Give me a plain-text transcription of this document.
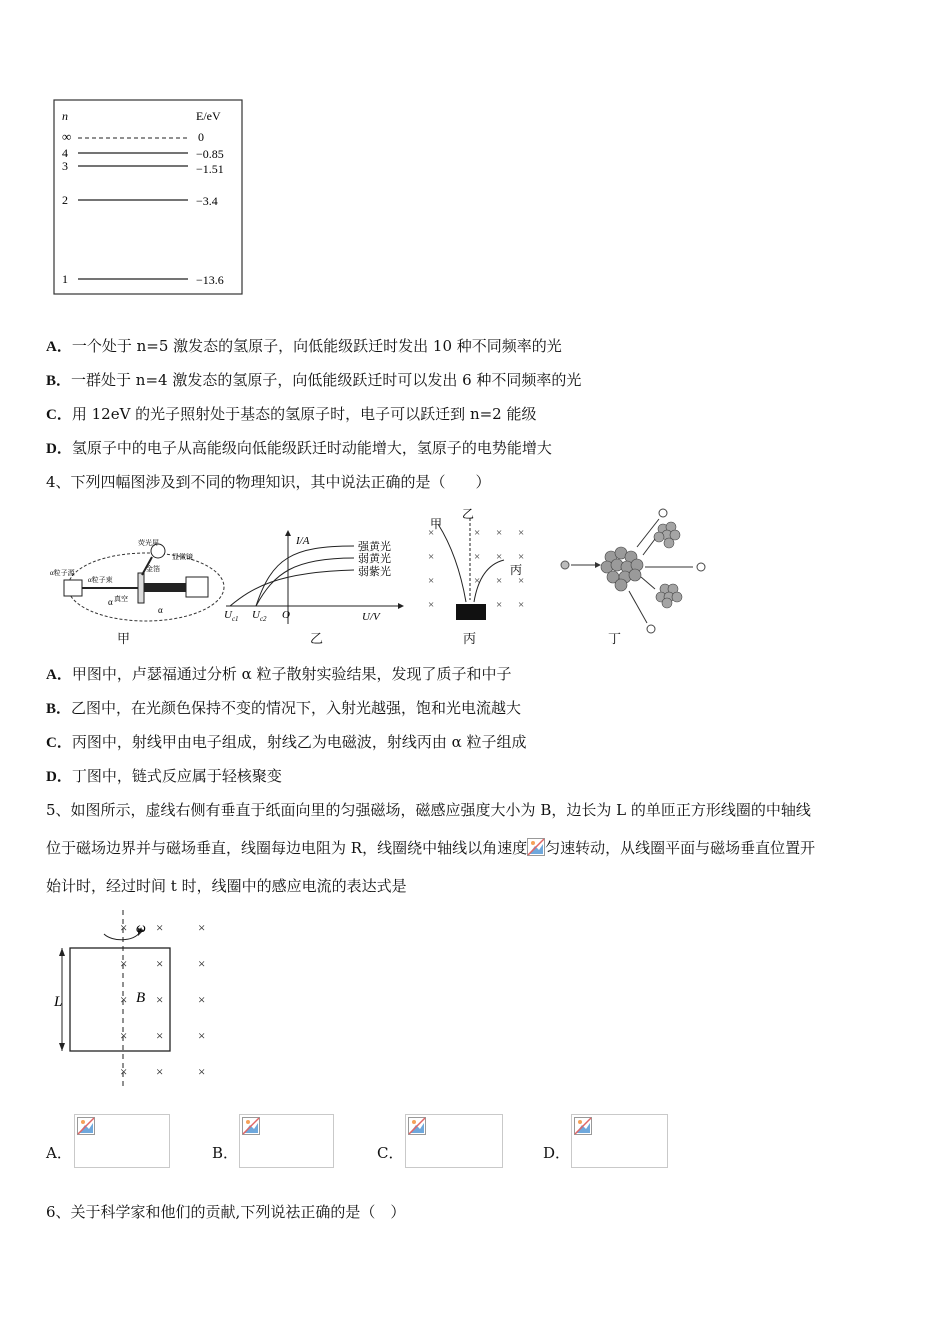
n	E/eV
∞	0
4	−0.85
3	−1.51
2	−3.4
1	−13.6
A．一个处于 n=5 激发态的氢原子，向低能级跃迁时发出 10 种不同频率的光
B．一群处于 n=4 激发态的氢原子，向低能级跃迁时可以发出 6 种不同频率的光
C．用 12eV 的光子照射处于基态的氢原子时，电子可以跃迁到 n=2 能级
D．氢原子中的电子从高能级向低能级跃迁时动能增大，氢原子的电势能增大
4、下列四幅图涉及到不同的物理知识，其中说法正确的是（　　）
α粒子源
荧光屏
金箔
α粒子束
真空
显微镜
α
α
甲
I/A
U/V
O
$U_{c1}$ $U_{c2}$
强黄光
弱黄光
弱紫光
乙
×	× × ×
×	× × ×
×	× × ×
×	× ×
甲
乙
丙
丙	丁
A．甲图中，卢瑟福通过分析 α 粒子散射实验结果，发现了质子和中子
B．乙图中，在光颜色保持不变的情况下，入射光越强，饱和光电流越大
C．丙图中，射线甲由电子组成，射线乙为电磁波，射线丙由 α 粒子组成
D．丁图中，链式反应属于轻核聚变
5、如图所示，虚线右侧有垂直于纸面向里的匀强磁场，磁感应强度大小为 B，边长为 L 的单匝正方形线圈的中轴线
位于磁场边界并与磁场垂直，线圈每边电阻为 R，线圈绕中轴线以角速度 匀速转动，从线圈平面与磁场垂直位置开
始计时，经过时间 t 时，线圈中的感应电流的表达式是
ω
L	B
× ×	×
× ×	×
× ×	×
× ×	×
× ×	×
A．	B．	C．	D．
6、关于科学家和他们的贡献,下列说祛正确的是（　）
